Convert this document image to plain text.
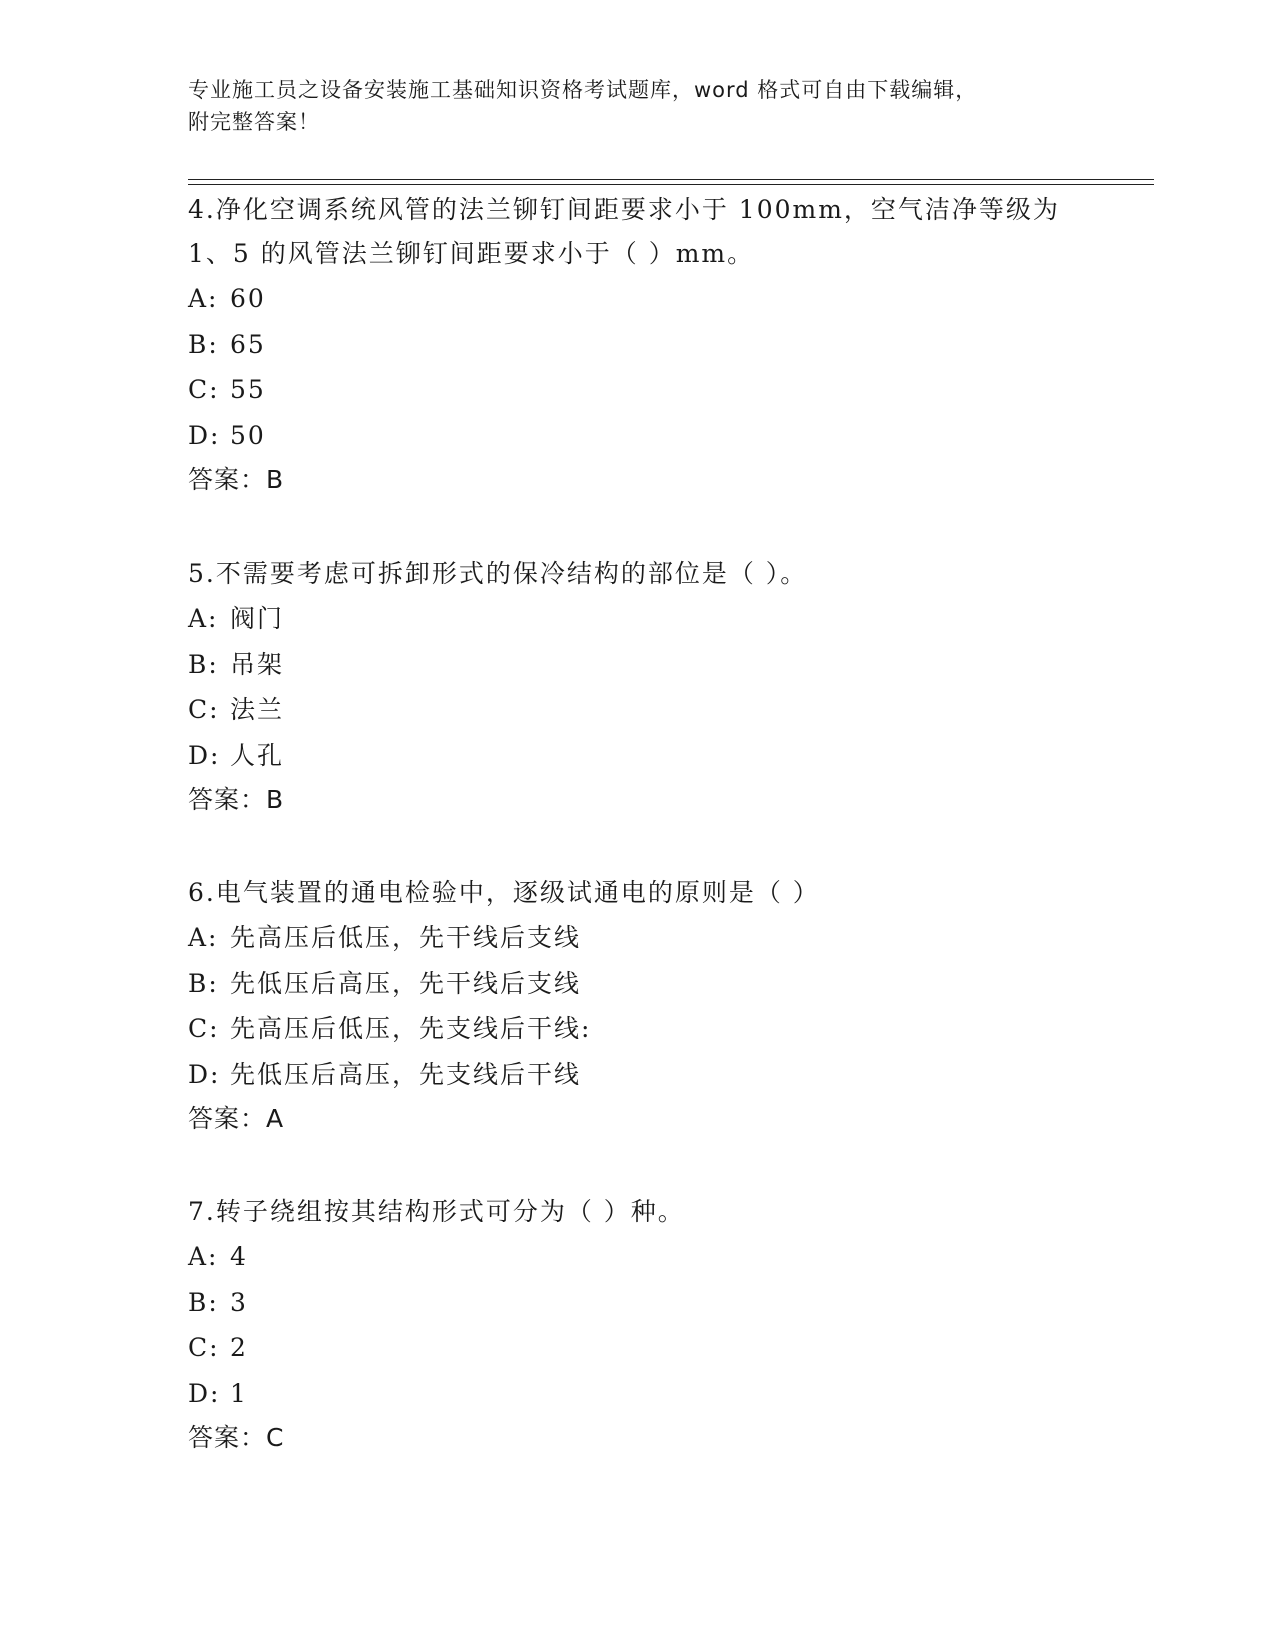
专业施工员之设备安装施工基础知识资格考试题库，word 格式可自由下载编辑，
附完整答案！
4.净化空调系统风管的法兰铆钉间距要求小于 100mm，空气洁净等级为
1、5 的风管法兰铆钉间距要求小于（ ）mm。
A: 60
B: 65
C: 55
D: 50
答案：B
5.不需要考虑可拆卸形式的保冷结构的部位是（ ）。
A: 阀门
B: 吊架
C: 法兰
D: 人孔
答案：B
6.电气装置的通电检验中，逐级试通电的原则是（ ）
A: 先高压后低压，先干线后支线
B: 先低压后高压，先干线后支线
C: 先高压后低压，先支线后干线:
D: 先低压后高压，先支线后干线
答案：A
7.转子绕组按其结构形式可分为（ ）种。
A: 4
B: 3
C: 2
D: 1
答案：C
